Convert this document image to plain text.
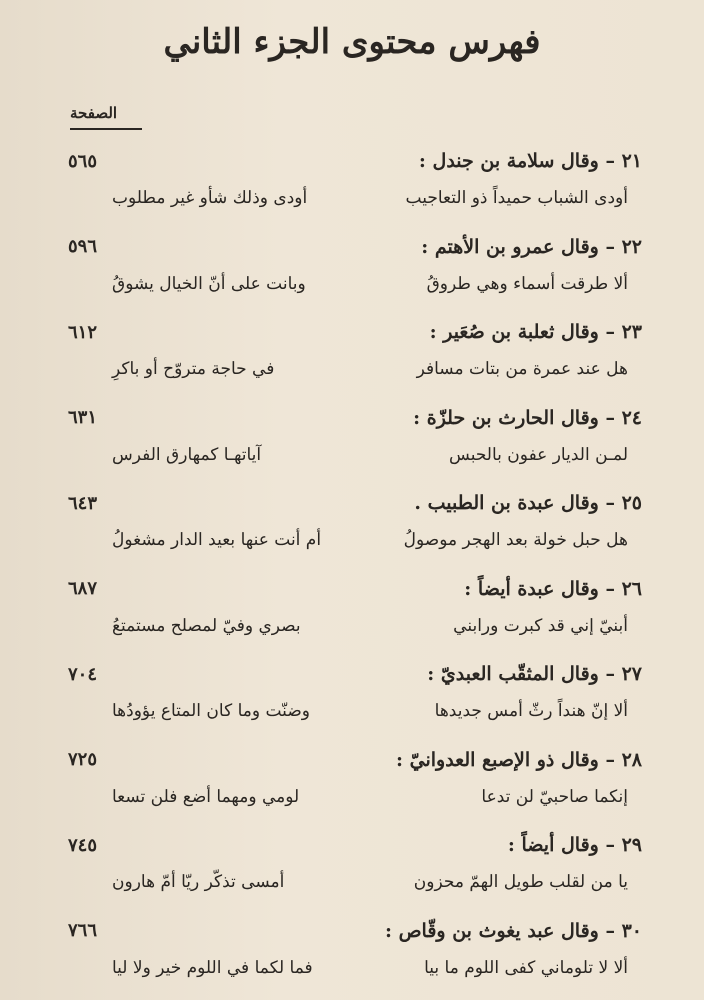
فهرس محتوى الجزء الثاني
الصفحة
٥٦٥	٢١ – وقال سلامة بن جندل :
أودى وذلك شأو غير مطلوب	أودى الشباب حميداً ذو التعاجيب
٥٩٦	٢٢ – وقال عمرو بن الأهتم :
وبانت على أنّ الخيال يشوقُ	ألا طرقت أسماء وهي طروقُ
٦١٢	٢٣ – وقال ثعلبة بن صُعَير :
في حاجة متروّح أو باكرِ	هل عند عمرة من بتات مسافر
٦٣١	٢٤ – وقال الحارث بن حلزّة :
آياتهـا كمهارق الفرس	لمـن الديار عفون بالحبس
٦٤٣	٢٥ – وقال عبدة بن الطبيب .
أم أنت عنها بعيد الدار مشغولُ	هل حبل خولة بعد الهجر موصولُ
٦٨٧	٢٦ – وقال عبدة أيضاً :
بصري وفيّ لمصلح مستمتعُ	أبنيّ إني قد كبرت ورابني
٧٠٤	٢٧ – وقال المثقّب العبديّ :
وضنّت وما كان المتاع يؤودُها	ألا إنّ هنداً رثّ أمس جديدها
٧٢٥	٢٨ – وقال ذو الإصبع العدوانيّ :
لومي ومهما أضع فلن تسعا	إنكما صاحبيّ لن تدعا
٧٤٥	٢٩ – وقال أيضاً :
أمسى تذكّر ريّا أمّ هارون	يا من لقلب طويل الهمّ محزون
٧٦٦	٣٠ – وقال عبد يغوث بن وقّاص :
فما لكما في اللوم خير ولا ليا	ألا لا تلوماني كفى اللوم ما بيا
